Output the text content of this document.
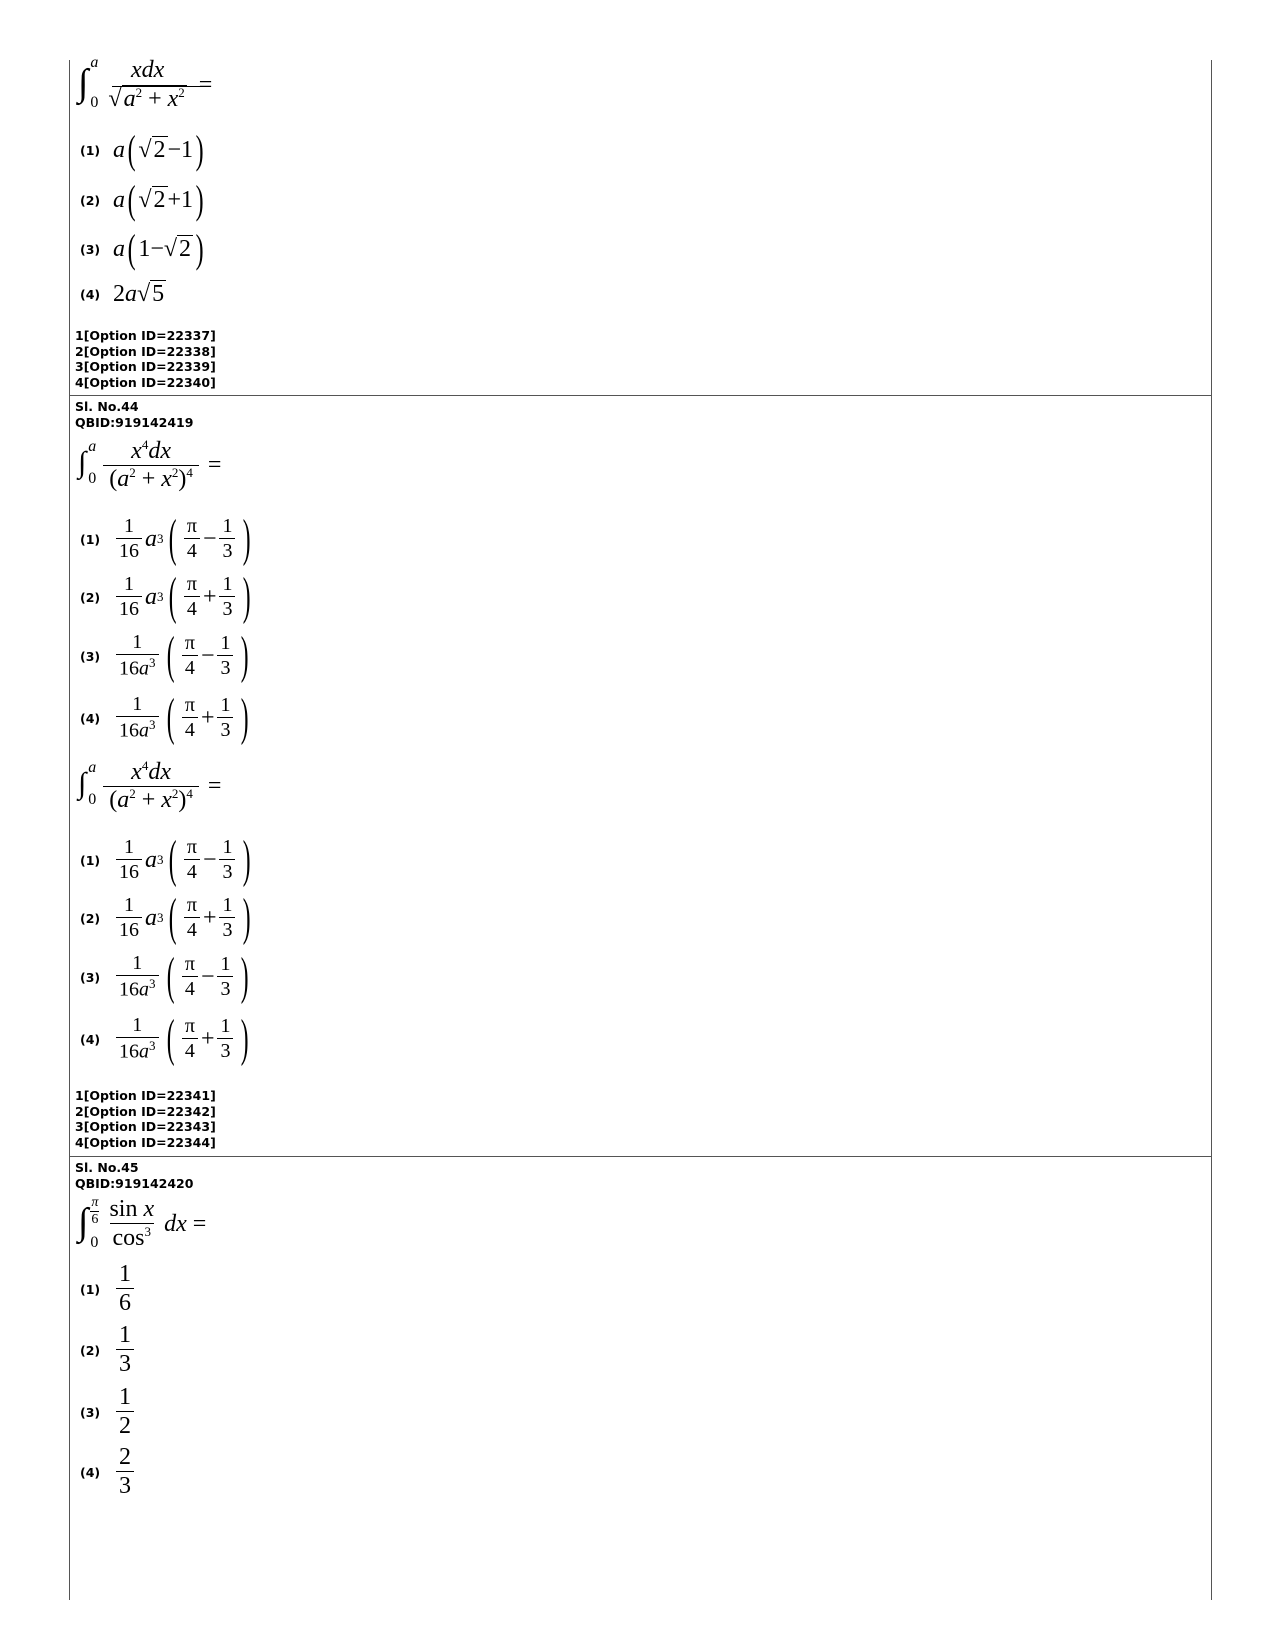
∫ a
0
xdx
√ $a^2 + x^2$ =
(1) a ( √ 2 −1 )
(2) a ( √ 2 +1 )
(3) a ( 1− √ 2 )
(4) 2 a √ 5
1[Option ID=22337]
2[Option ID=22338]
3[Option ID=22339]
4[Option ID=22340]
Sl. No.44
QBID:919142419
∫ a
$0 \frac{x^4dx}{(a^2 + x^2)^4}$ =
$(1) \frac{1}{16}$ a 3 ( $\frac{\pi}{4} - \frac{1}{3}$ )
$(2) \frac{1}{16}$ a 3 ( $\frac{\pi}{4} + \frac{1}{3}$ )
$(3) \frac{1}{16a^3}$ ( $\frac{\pi}{4} - \frac{1}{3}$ )
$(4) \frac{1}{16a^3}$ ( $\frac{\pi}{4} + \frac{1}{3}$ )
∫ a
$0 \frac{x^4dx}{(a^2 + x^2)^4}$ =
$(1) \frac{1}{16}$ a 3 ( $\frac{\pi}{4} - \frac{1}{3}$ )
$(2) \frac{1}{16}$ a 3 ( $\frac{\pi}{4} + \frac{1}{3}$ )
$(3) \frac{1}{16a^3}$ ( $\frac{\pi}{4} - \frac{1}{3}$ )
$(4) \frac{1}{16a^3}$ ( $\frac{\pi}{4} + \frac{1}{3}$ )
1[Option ID=22341]
2[Option ID=22342]
3[Option ID=22343]
4[Option ID=22344]
Sl. No.45
QBID:919142420
∫ $\frac{\pi}{6}$
$0 \frac{\text{sin x}}{\cos^3}$ dx =
$(1) \frac{1}{6}$
$(2) \frac{1}{3}$
$(3) \frac{1}{2}$
$(4) \frac{2}{3}$
